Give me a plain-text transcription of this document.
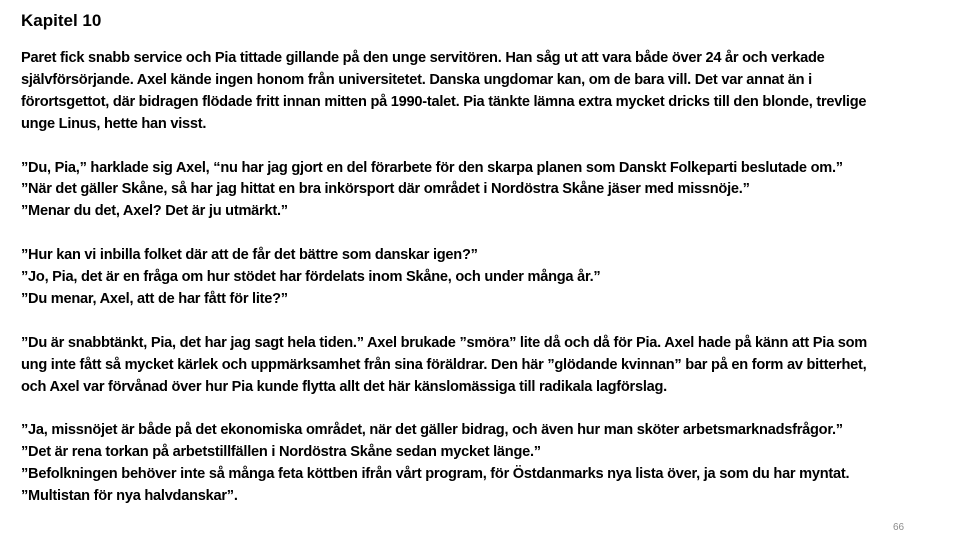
Kapitel 10
Paret fick snabb service och Pia tittade gillande på den unge servitören. Han såg ut att vara både över 24 år och verkade
självförsörjande. Axel kände ingen honom från universitetet. Danska ungdomar kan, om de bara vill. Det var annat än i
förortsgettot, där bidragen flödade fritt innan mitten på 1990-talet. Pia tänkte lämna extra mycket dricks till den blonde, trevlige
unge Linus, hette han visst.
”Du, Pia,” harklade sig Axel, “nu har jag gjort en del förarbete för den skarpa planen som Danskt Folkeparti beslutade om.”
”När det gäller Skåne, så har jag hittat en bra inkörsport där området i Nordöstra Skåne jäser med missnöje.”
”Menar du det, Axel? Det är ju utmärkt.”
”Hur kan vi inbilla folket där att de får det bättre som danskar igen?”
”Jo, Pia, det är en fråga om hur stödet har fördelats inom Skåne, och under många år.”
”Du menar, Axel, att de har fått för lite?”
”Du är snabbtänkt, Pia, det har jag sagt hela tiden.” Axel brukade ”smöra” lite då och då för Pia. Axel hade på känn att Pia som
ung inte fått så mycket kärlek och uppmärksamhet från sina föräldrar. Den här ”glödande kvinnan” bar på en form av bitterhet,
och Axel var förvånad över hur Pia kunde flytta allt det här känslomässiga till radikala lagförslag.
”Ja, missnöjet är både på det ekonomiska området, när det gäller bidrag, och även hur man sköter arbetsmarknadsfrågor.”
”Det är rena torkan på arbetstillfällen i Nordöstra Skåne sedan mycket länge.”
”Befolkningen behöver inte så många feta köttben ifrån vårt program, för Östdanmarks nya lista över, ja som du har myntat.
”Multistan för nya halvdanskar”.
66
